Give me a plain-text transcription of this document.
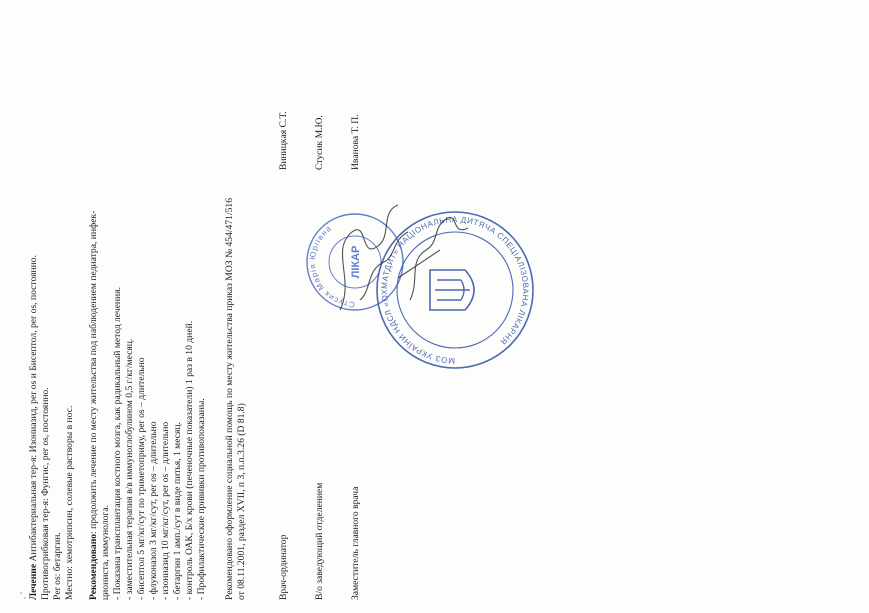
Лечение Антибактериальная тер-я: Изониазид, per os и Бисептол, per os, постоянно. Противогрибковая тер-я: Фунгис, per os, постоянно. Per os: бетаргин. Местно: хемотрипсин, солевые растворы в нос. Рекомендовано: продолжить лечение по месту жительства под наблюдением педиатра, инфек-
циониста, иммунолога. - Показана трансплантация костного мозга, как радикальный метод лечения. - заместительная терапия в/в иммуноглобулином 0,5 г/кг/месяц. - бисептол 5 мг/кг/сут по триметоприму, per os – длительно - флуконазол 3 мг/кг/сут, per os – длительно - изониазид 10 мг/кг/сут, per os – длительно - бетаргин 1 амп./сут в виде питья, 1 месяц. - контроль ОАК, Б/х крови (печеночные показатели) 1 раз в 10 дней. - Профилактические прививки противопоказаны. Рекомендовано оформление социальной помощь по месту жительства приказ МОЗ № 454/471/516 от 08.11.2001, раздел XVII, п 3, п.п.3.26 (D 81.8)	Врач-ординатор
Виницкая С.Т.
В/о заведующий отделением
Стусик М.Ю.
Заместитель главного врача
Иванова Т. П.
МОЗ УКРАЇНИ НДСЛ «ОХМАТДИТ» НАЦІОНАЛЬНА ДИТЯЧА СПЕЦІАЛІЗОВАНА ЛІКАРНЯ
Стусик Марія Юріївна
ЛІКАР
